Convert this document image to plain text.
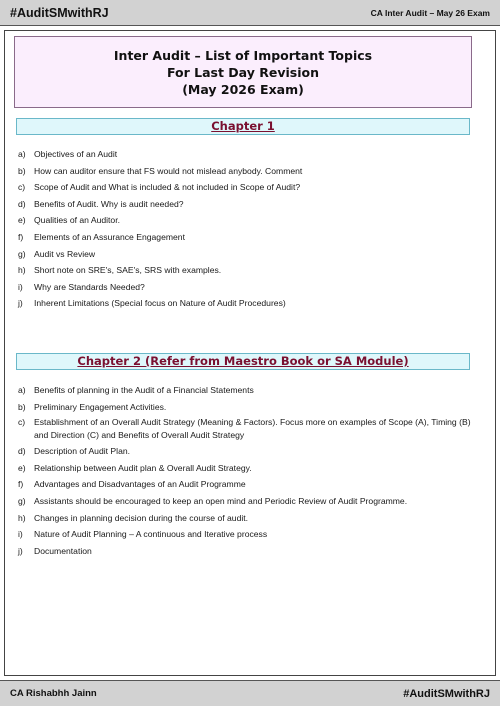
#AuditSMwithRJ	CA Inter Audit – May 26 Exam
Inter Audit – List of Important Topics
For Last Day Revision
(May 2026 Exam)
Chapter 1
a) Objectives of an Audit
b) How can auditor ensure that FS would not mislead anybody. Comment
c)	Scope of Audit and What is included & not included in Scope of Audit?
d) Benefits of Audit. Why is audit needed?
e) Qualities of an Auditor.
f)	Elements of an Assurance Engagement
g) Audit vs Review
h) Short note on SRE's, SAE's, SRS with examples.
i)	Why are Standards Needed?
j)	Inherent Limitations (Special focus on Nature of Audit Procedures)
Chapter 2 (Refer from Maestro Book or SA Module)
a) Benefits of planning in the Audit of a Financial Statements
b) Preliminary Engagement Activities.
c)	Establishment of an Overall Audit Strategy (Meaning & Factors). Focus more on examples of Scope (A), Timing (B) and Direction (C) and Benefits of Overall Audit Strategy
d) Description of Audit Plan.
e) Relationship between Audit plan & Overall Audit Strategy.
f)	Advantages and Disadvantages of an Audit Programme
g) Assistants should be encouraged to keep an open mind and Periodic Review of Audit Programme.
h) Changes in planning decision during the course of audit.
i)	Nature of Audit Planning – A continuous and Iterative process
j)	Documentation
CA Rishabhh Jainn	#AuditSMwithRJ
